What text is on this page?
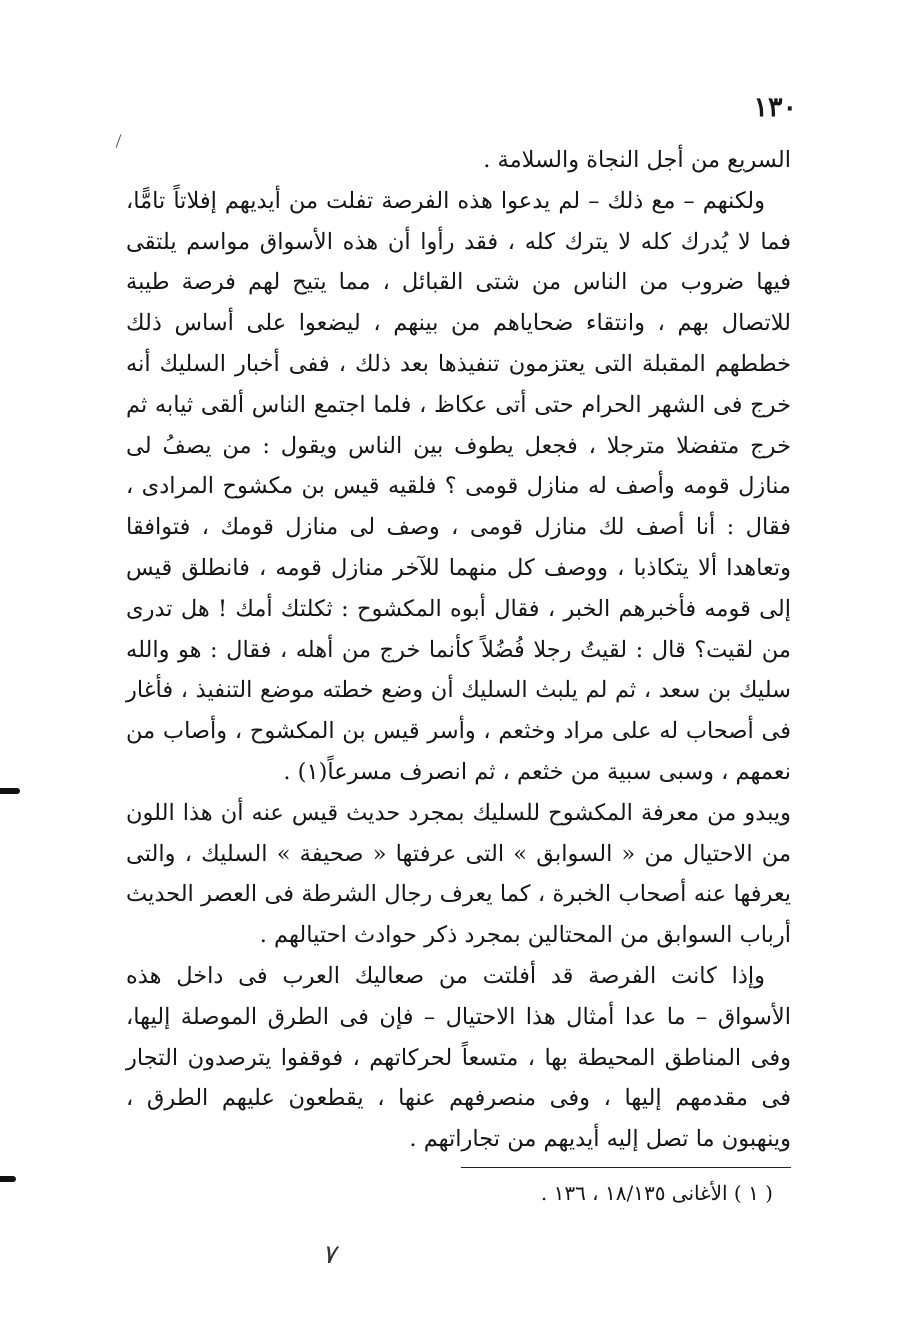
١٣٠

السريع من أجل النجاة والسلامة .

ولكنهم – مع ذلك – لم يدعوا هذه الفرصة تفلت من أيديهم إفلاتاً تامًّا، فما لا يُدرك كله لا يترك كله ، فقد رأوا أن هذه الأسواق مواسم يلتقى فيها ضروب من الناس من شتى القبائل ، مما يتيح لهم فرصة طيبة للاتصال بهم ، وانتقاء ضحاياهم من بينهم ، ليضعوا على أساس ذلك خططهم المقبلة التى يعتزمون تنفيذها بعد ذلك ، ففى أخبار السليك أنه خرج فى الشهر الحرام حتى أتى عكاظ ، فلما اجتمع الناس ألقى ثيابه ثم خرج متفضلا مترجلا ، فجعل يطوف بين الناس ويقول : من يصفُ لى منازل قومه وأصف له منازل قومى ؟ فلقيه قيس بن مكشوح المرادى ، فقال : أنا أصف لك منازل قومى ، وصف لى منازل قومك ، فتوافقا وتعاهدا ألا يتكاذبا ، ووصف كل منهما للآخر منازل قومه ، فانطلق قيس إلى قومه فأخبرهم الخبر ، فقال أبوه المكشوح : ثكلتك أمك ! هل تدرى من لقيت؟ قال : لقيتُ رجلا فُضُلاً كأنما خرج من أهله ، فقال : هو والله سليك بن سعد ، ثم لم يلبث السليك أن وضع خطته موضع التنفيذ ، فأغار فى أصحاب له على مراد وخثعم ، وأسر قيس بن المكشوح ، وأصاب من نعمهم ، وسبى سبية من خثعم ، ثم انصرف مسرعاً(١) .

ويبدو من معرفة المكشوح للسليك بمجرد حديث قيس عنه أن هذا اللون من الاحتيال من « السوابق » التى عرفتها « صحيفة » السليك ، والتى يعرفها عنه أصحاب الخبرة ، كما يعرف رجال الشرطة فى العصر الحديث أرباب السوابق من المحتالين بمجرد ذكر حوادث احتيالهم .

وإذا كانت الفرصة قد أفلتت من صعاليك العرب فى داخل هذه الأسواق – ما عدا أمثال هذا الاحتيال – فإن فى الطرق الموصلة إليها، وفى المناطق المحيطة بها ، متسعاً لحركاتهم ، فوقفوا يترصدون التجار فى مقدمهم إليها ، وفى منصرفهم عنها ، يقطعون عليهم الطرق ، وينهبون ما تصل إليه أيديهم من تجاراتهم .

( ١ ) الأغانى ١٨/١٣٥ ، ١٣٦ .
٧
